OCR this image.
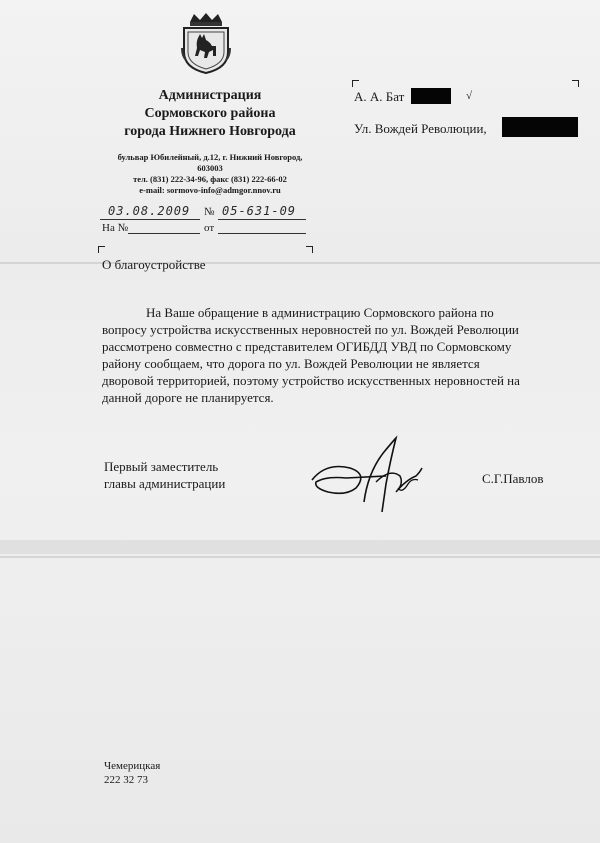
Администрация
Сормовского района
города Нижнего Новгорода
бульвар Юбилейный, д.12, г. Нижний Новгород,
603003
тел. (831) 222-34-96, факс (831) 222-66-02
e-mail: sormovo-info@admgor.nnov.ru
03.08.2009 № 05-631-09
На №	от
А. А. Бат	√
Ул. Вождей Революции,
О благоустройстве
На Ваше обращение в администрацию Сормовского района по
вопросу устройства искусственных неровностей по ул. Вождей Революции
рассмотрено совместно с представителем ОГИБДД УВД по Сормовскому
району сообщаем, что дорога по ул. Вождей Революции не является
дворовой территорией, поэтому устройство искусственных неровностей на
данной дороге не планируется.
Первый заместитель
главы администрации	С.Г.Павлов
Чемерицкая
222 32 73
